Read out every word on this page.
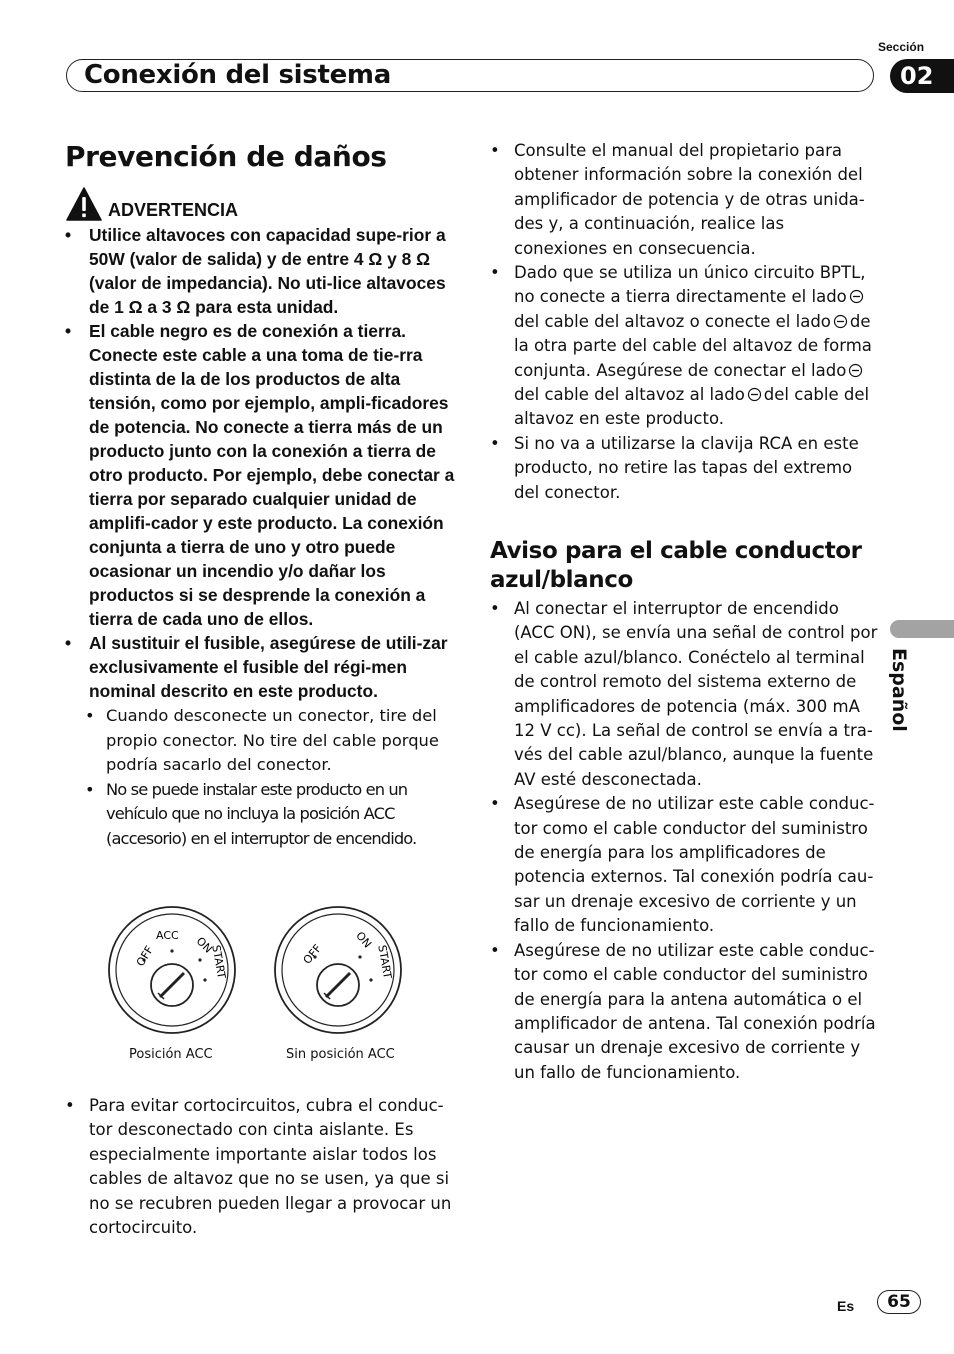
Sección
Conexión del sistema	02
Prevención de daños
ADVERTENCIA
• Utilice altavoces con capacidad supe-rior a 50W (valor de salida) y de entre 4 Ω y 8 Ω (valor de impedancia). No uti-lice altavoces de 1 Ω a 3 Ω para esta unidad.
• El cable negro es de conexión a tierra. Conecte este cable a una toma de tie-rra distinta de la de los productos de alta tensión, como por ejemplo, ampli-ficadores de potencia. No conecte a tierra más de un producto junto con la conexión a tierra de otro producto. Por ejemplo, debe conectar a tierra por separado cualquier unidad de amplifi-cador y este producto. La conexión conjunta a tierra de uno y otro puede ocasionar un incendio y/o dañar los productos si se desprende la conexión a tierra de cada uno de ellos.
• Al sustituir el fusible, asegúrese de utili-zar exclusivamente el fusible del régi-men nominal descrito en este producto.
• Cuando desconecte un conector, tire del propio conector. No tire del cable porque podría sacarlo del conector.
• No se puede instalar este producto en un vehículo que no incluya la posición ACC (accesorio) en el interruptor de encendido.
OFF
ACC ON
START	OFF
ON
START
Posición ACC	Sin posición ACC
• Para evitar cortocircuitos, cubra el conduc-tor desconectado con cinta aislante. Es especialmente importante aislar todos los cables de altavoz que no se usen, ya que si no se recubren pueden llegar a provocar un cortocircuito.
• Consulte el manual del propietario para obtener información sobre la conexión del amplificador de potencia y de otras unida-des y, a continuación, realice las conexiones en consecuencia.
• Dado que se utiliza un único circuito BPTL, no conecte a tierra directamente el lado del cable del altavoz o conecte el lado de la otra parte del cable del altavoz de forma conjunta. Asegúrese de conectar el lado del cable del altavoz al lado del cable del altavoz en este producto.
• Si no va a utilizarse la clavija RCA en este producto, no retire las tapas del extremo del conector.
Aviso para el cable conductor azul/blanco
• Al conectar el interruptor de encendido (ACC ON), se envía una señal de control por el cable azul/blanco. Conéctelo al terminal de control remoto del sistema externo de amplificadores de potencia (máx. 300 mA 12 V cc). La señal de control se envía a tra-vés del cable azul/blanco, aunque la fuente AV esté desconectada.
• Asegúrese de no utilizar este cable conduc-tor como el cable conductor del suministro de energía para los amplificadores de potencia externos. Tal conexión podría cau-sar un drenaje excesivo de corriente y un fallo de funcionamiento.
• Asegúrese de no utilizar este cable conduc-tor como el cable conductor del suministro de energía para la antena automática o el amplificador de antena. Tal conexión podría causar un drenaje excesivo de corriente y un fallo de funcionamiento.
Español
Es	65
